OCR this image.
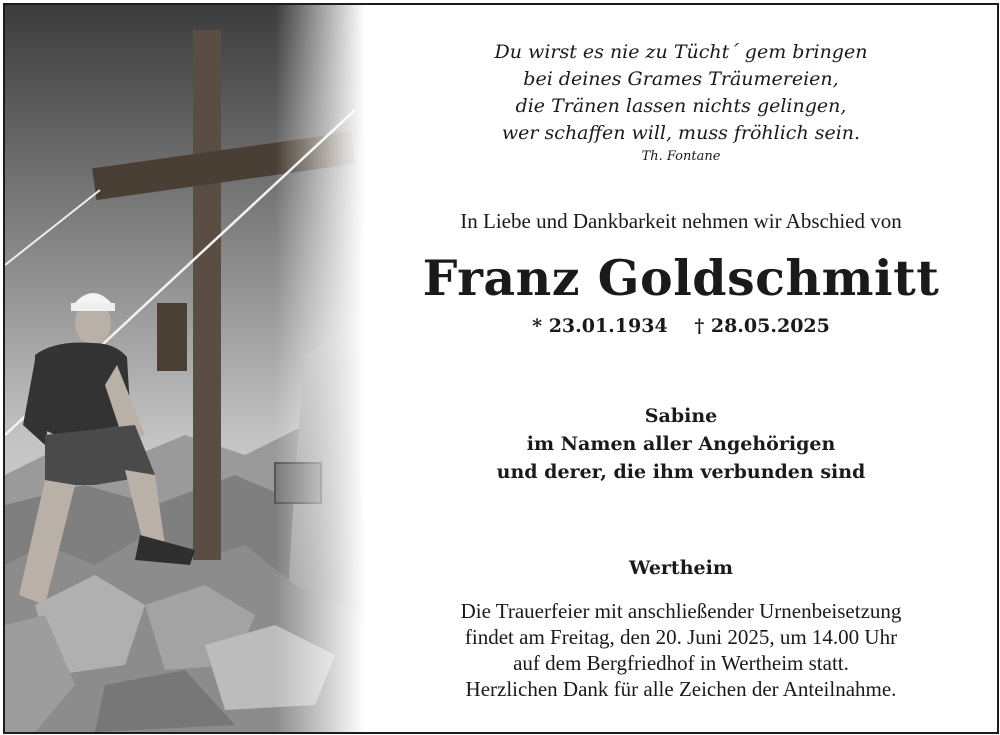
Du wirst es nie zu Tücht´ gem bringen
bei deines Grames Träumereien,
die Tränen lassen nichts gelingen,
wer schaffen will, muss fröhlich sein.
Th. Fontane
In Liebe und Dankbarkeit nehmen wir Abschied von
Franz Goldschmitt
* 23.01.1934 † 28.05.2025
Sabine
im Namen aller Angehörigen
und derer, die ihm verbunden sind
Wertheim
Die Trauerfeier mit anschließender Urnenbeisetzung
findet am Freitag, den 20. Juni 2025, um 14.00 Uhr
auf dem Bergfriedhof in Wertheim statt.
Herzlichen Dank für alle Zeichen der Anteilnahme.
